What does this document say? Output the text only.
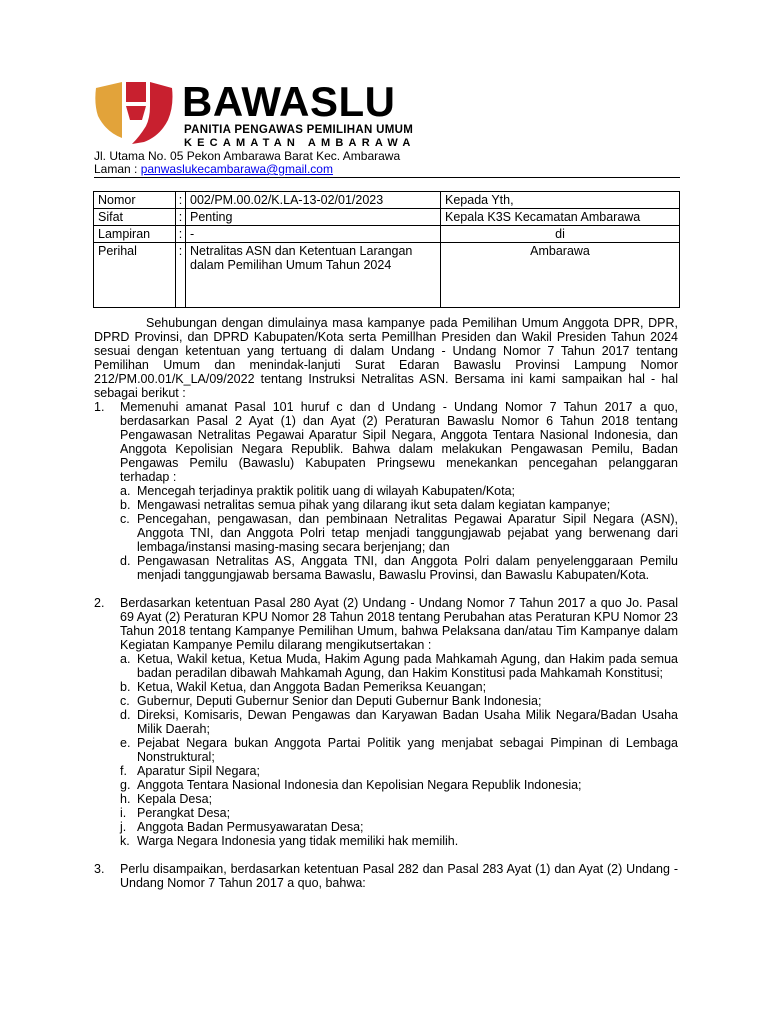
BAWASLU
PANITIA PENGAWAS PEMILIHAN UMUM
KECAMATAN AMBARAWA
Jl. Utama No. 05 Pekon Ambarawa Barat Kec. Ambarawa
Laman : panwaslukecambarawa@gmail.com
Nomor	:	002/PM.00.02/K.LA-13-02/01/2023	Kepada Yth,
Sifat	:	Penting	Kepala K3S Kecamatan Ambarawa
Lampiran	:	-	di
Perihal	:	Netralitas ASN dan Ketentuan Larangan dalam Pemilihan Umum Tahun 2024	Ambarawa

Sehubungan dengan dimulainya masa kampanye pada Pemilihan Umum Anggota DPR, DPR, DPRD Provinsi, dan DPRD Kabupaten/Kota serta Pemillhan Presiden dan Wakil Presiden Tahun 2024 sesuai dengan ketentuan yang tertuang di dalam Undang - Undang Nomor 7 Tahun 2017 tentang Pemilihan Umum dan menindak-lanjuti Surat Edaran Bawaslu Provinsi Lampung Nomor 212/PM.00.01/K_LA/09/2022 tentang Instruksi Netralitas ASN. Bersama ini kami sampaikan hal - hal sebagai berikut :

1. Memenuhi amanat Pasal 101 huruf c dan d Undang - Undang Nomor 7 Tahun 2017 a quo, berdasarkan Pasal 2 Ayat (1) dan Ayat (2) Peraturan Bawaslu Nomor 6 Tahun 2018 tentang Pengawasan Netralitas Pegawai Aparatur Sipil Negara, Anggota Tentara Nasional Indonesia, dan Anggota Kepolisian Negara Republik. Bahwa dalam melakukan Pengawasan Pemilu, Badan Pengawas Pemilu (Bawaslu) Kabupaten Pringsewu menekankan pencegahan pelanggaran terhadap :

a. Mencegah terjadinya praktik politik uang di wilayah Kabupaten/Kota;

b. Mengawasi netralitas semua pihak yang dilarang ikut seta dalam kegiatan kampanye;

c. Pencegahan, pengawasan, dan pembinaan Netralitas Pegawai Aparatur Sipil Negara (ASN), Anggota TNI, dan Anggota Polri tetap menjadi tanggungjawab pejabat yang berwenang dari lembaga/instansi masing-masing secara berjenjang; dan

d. Pengawasan Netralitas AS, Anggata TNI, dan Anggota Polri dalam penyelenggaraan Pemilu menjadi tanggungjawab bersama Bawaslu, Bawaslu Provinsi, dan Bawaslu Kabupaten/Kota.

2. Berdasarkan ketentuan Pasal 280 Ayat (2) Undang - Undang Nomor 7 Tahun 2017 a quo Jo. Pasal 69 Ayat (2) Peraturan KPU Nomor 28 Tahun 2018 tentang Perubahan atas Peraturan KPU Nomor 23 Tahun 2018 tentang Kampanye Pemilihan Umum, bahwa Pelaksana dan/atau Tim Kampanye dalam Kegiatan Kampanye Pemilu dilarang mengikutsertakan :

a. Ketua, Wakil ketua, Ketua Muda, Hakim Agung pada Mahkamah Agung, dan Hakim pada semua badan peradilan dibawah Mahkamah Agung, dan Hakim Konstitusi pada Mahkamah Konstitusi;

b. Ketua, Wakil Ketua, dan Anggota Badan Pemeriksa Keuangan;

c. Gubernur, Deputi Gubernur Senior dan Deputi Gubernur Bank Indonesia;

d. Direksi, Komisaris, Dewan Pengawas dan Karyawan Badan Usaha Milik Negara/Badan Usaha Milik Daerah;

e. Pejabat Negara bukan Anggota Partai Politik yang menjabat sebagai Pimpinan di Lembaga Nonstruktural;

f. Aparatur Sipil Negara;

g. Anggota Tentara Nasional Indonesia dan Kepolisian Negara Republik Indonesia;

h. Kepala Desa;

i. Perangkat Desa;

j. Anggota Badan Permusyawaratan Desa;

k. Warga Negara Indonesia yang tidak memiliki hak memilih.

3. Perlu disampaikan, berdasarkan ketentuan Pasal 282 dan Pasal 283 Ayat (1) dan Ayat (2) Undang - Undang Nomor 7 Tahun 2017 a quo, bahwa:
